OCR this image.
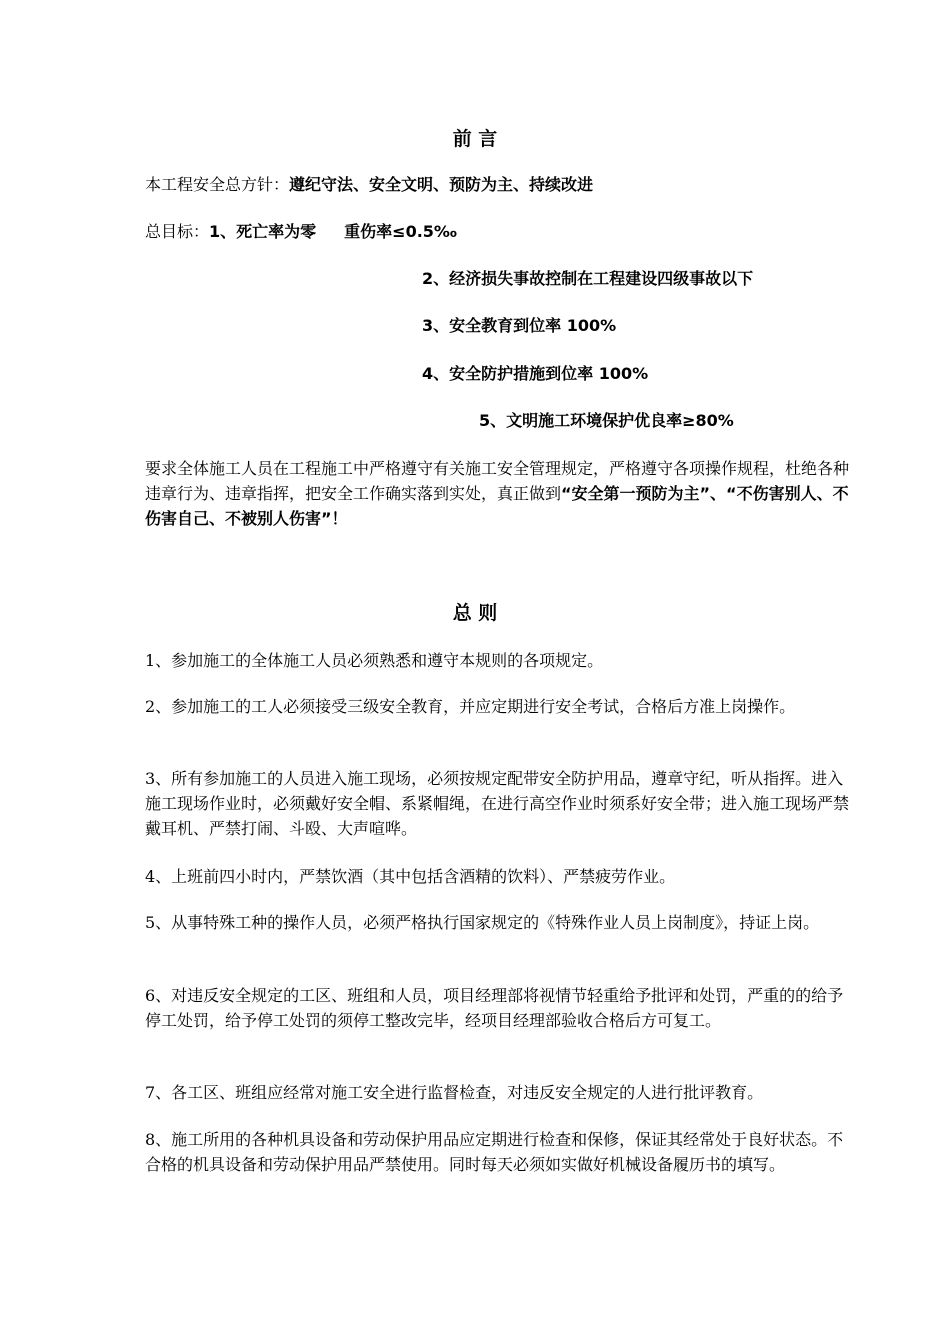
前 言
本工程安全总方针：遵纪守法、安全文明、预防为主、持续改进
总目标：1、死亡率为零 重伤率≤0.5‰
2、经济损失事故控制在工程建设四级事故以下
3、安全教育到位率 100%
4、安全防护措施到位率 100%
5、文明施工环境保护优良率≥80%
要求全体施工人员在工程施工中严格遵守有关施工安全管理规定，严格遵守各项操作规程，杜绝各种违章行为、违章指挥，把安全工作确实落到实处，真正做到“安全第一预防为主”、“不伤害别人、不伤害自己、不被别人伤害”！
总 则
1、参加施工的全体施工人员必须熟悉和遵守本规则的各项规定。
2、参加施工的工人必须接受三级安全教育，并应定期进行安全考试，合格后方准上岗操作。
3、所有参加施工的人员进入施工现场，必须按规定配带安全防护用品，遵章守纪，听从指挥。进入施工现场作业时，必须戴好安全帽、系紧帽绳，在进行高空作业时须系好安全带；进入施工现场严禁戴耳机、严禁打闹、斗殴、大声喧哗。
4、上班前四小时内，严禁饮酒（其中包括含酒精的饮料）、严禁疲劳作业。
5、从事特殊工种的操作人员，必须严格执行国家规定的《特殊作业人员上岗制度》，持证上岗。
6、对违反安全规定的工区、班组和人员，项目经理部将视情节轻重给予批评和处罚，严重的的给予停工处罚，给予停工处罚的须停工整改完毕，经项目经理部验收合格后方可复工。
7、各工区、班组应经常对施工安全进行监督检查，对违反安全规定的人进行批评教育。
8、施工所用的各种机具设备和劳动保护用品应定期进行检查和保修，保证其经常处于良好状态。不合格的机具设备和劳动保护用品严禁使用。同时每天必须如实做好机械设备履历书的填写。
